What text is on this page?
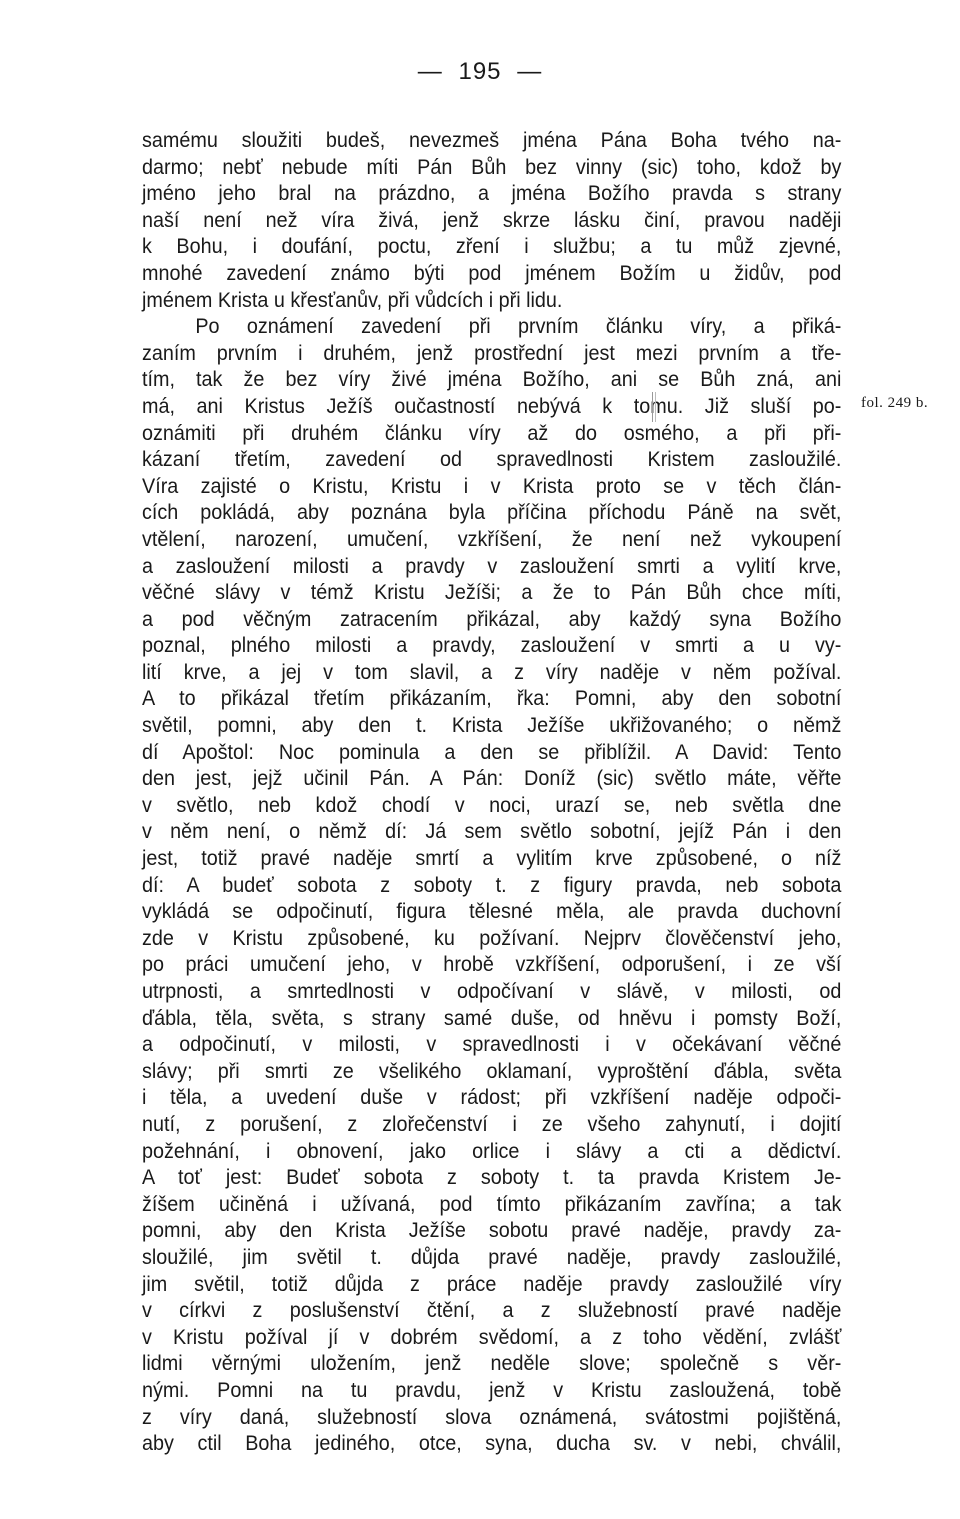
— 195 —
samému sloužiti budeš, nevezmeš jména Pána Boha tvého na-
darmo; nebť nebude míti Pán Bůh bez vinny (sic) toho, kdož by
jméno jeho bral na prázdno, a jména Božího pravda s strany
naší není než víra živá, jenž skrze lásku činí, pravou naději
k Bohu, i doufání, poctu, zření i službu; a tu můž zjevné,
mnohé zavedení známo býti pod jménem Božím u židův, pod
jménem Krista u křesťanův, při vůdcích i při lidu.
Po oznámení zavedení při prvním článku víry, a přiká-
zaním prvním i druhém, jenž prostřední jest mezi prvním a tře-
tím, tak že bez víry živé jména Božího, ani se Bůh zná, ani
má, ani Kristus Ježíš oučastností nebývá k tomu. Již sluší po-
oznámiti při druhém článku víry až do osmého, a při při-
kázaní třetím, zavedení od spravedlnosti Kristem zasloužilé.
Víra zajisté o Kristu, Kristu i v Krista proto se v těch člán-
cích pokládá, aby poznána byla příčina příchodu Páně na svět,
vtělení, narození, umučení, vzkříšení, že není než vykoupení
a zasloužení milosti a pravdy v zasloužení smrti a vylití krve,
věčné slávy v témž Kristu Ježíši; a že to Pán Bůh chce míti,
a pod věčným zatracením přikázal, aby každý syna Božího
poznal, plného milosti a pravdy, zasloužení v smrti a u vy-
lití krve, a jej v tom slavil, a z víry naděje v něm požíval.
A to přikázal třetím přikázaním, řka: Pomni, aby den sobotní
světil, pomni, aby den t. Krista Ježíše ukřižovaného; o němž
dí Apoštol: Noc pominula a den se přiblížil. A David: Tento
den jest, jejž učinil Pán. A Pán: Doníž (sic) světlo máte, věřte
v světlo, neb kdož chodí v noci, urazí se, neb světla dne
v něm není, o němž dí: Já sem světlo sobotní, jejíž Pán i den
jest, totiž pravé naděje smrtí a vylitím krve způsobené, o níž
dí: A budeť sobota z soboty t. z figury pravda, neb sobota
vykládá se odpočinutí, figura tělesné měla, ale pravda duchovní
zde v Kristu způsobené, ku požívaní. Nejprv člověčenství jeho,
po práci umučení jeho, v hrobě vzkříšení, odporušení, i ze vší
utrpnosti, a smrtedlnosti v odpočívaní v slávě, v milosti, od
ďábla, těla, světa, s strany samé duše, od hněvu i pomsty Boží,
a odpočinutí, v milosti, v spravedlnosti i v očekávaní věčné
slávy; při smrti ze všelikého oklamaní, vyproštění ďábla, světa
i těla, a uvedení duše v rádost; při vzkříšení naděje odpoči-
nutí, z porušení, z zlořečenství i ze všeho zahynutí, i dojití
požehnání, i obnovení, jako orlice i slávy a cti a dědictví.
A toť jest: Budeť sobota z soboty t. ta pravda Kristem Je-
žíšem učiněná i užívaná, pod tímto přikázaním zavřína; a tak
pomni, aby den Krista Ježíše sobotu pravé naděje, pravdy za-
sloužilé, jim světil t. důjda pravé naděje, pravdy zasloužilé,
jim světil, totiž důjda z práce naděje pravdy zasloužilé víry
v církvi z poslušenství čtění, a z služebností pravé naděje
v Kristu požíval jí v dobrém svědomí, a z toho vědění, zvlášť
lidmi věrnými uložením, jenž neděle slove; společně s věr-
nými. Pomni na tu pravdu, jenž v Kristu zasloužená, tobě
z víry daná, služebností slova oznámená, svátostmi pojištěná,
aby ctil Boha jediného, otce, syna, ducha sv. v nebi, chválil,
fol. 249 b.
